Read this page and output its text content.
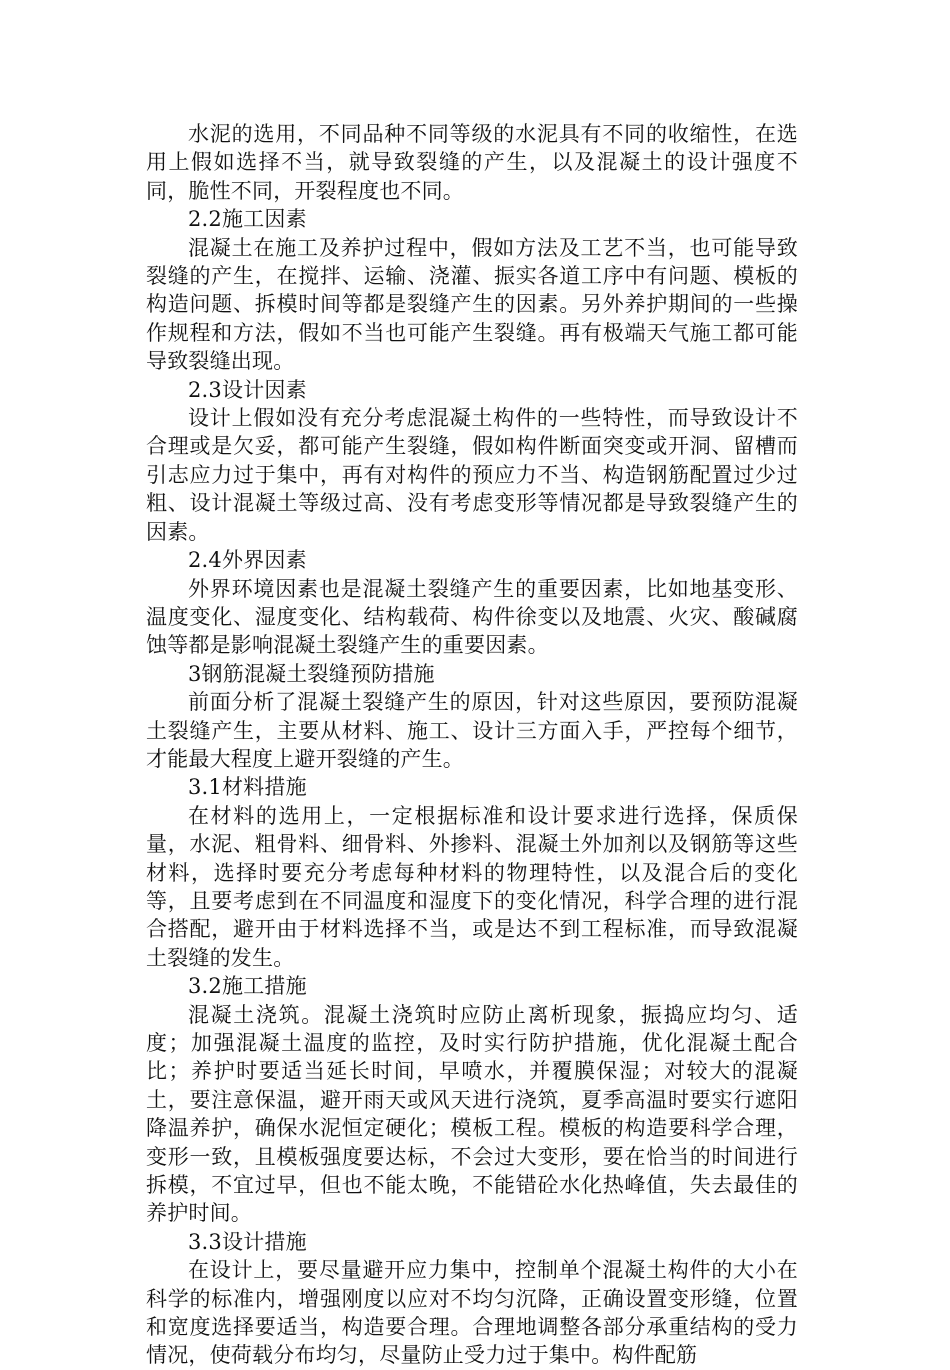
水泥的选用，不同品种不同等级的水泥具有不同的收缩性，在选用上假如选择不当，就导致裂缝的产生，以及混凝土的设计强度不同，脆性不同，开裂程度也不同。

2.2施工因素

混凝土在施工及养护过程中，假如方法及工艺不当，也可能导致裂缝的产生，在搅拌、运输、浇灌、振实各道工序中有问题、模板的构造问题、拆模时间等都是裂缝产生的因素。另外养护期间的一些操作规程和方法，假如不当也可能产生裂缝。再有极端天气施工都可能导致裂缝出现。

2.3设计因素

设计上假如没有充分考虑混凝土构件的一些特性，而导致设计不合理或是欠妥，都可能产生裂缝，假如构件断面突变或开洞、留槽而引志应力过于集中，再有对构件的预应力不当、构造钢筋配置过少过粗、设计混凝土等级过高、没有考虑变形等情况都是导致裂缝产生的因素。

2.4外界因素

外界环境因素也是混凝土裂缝产生的重要因素，比如地基变形、温度变化、湿度变化、结构载荷、构件徐变以及地震、火灾、酸碱腐蚀等都是影响混凝土裂缝产生的重要因素。

3钢筋混凝土裂缝预防措施

前面分析了混凝土裂缝产生的原因，针对这些原因，要预防混凝土裂缝产生，主要从材料、施工、设计三方面入手，严控每个细节，才能最大程度上避开裂缝的产生。

3.1材料措施

在材料的选用上，一定根据标准和设计要求进行选择，保质保量，水泥、粗骨料、细骨料、外掺料、混凝土外加剂以及钢筋等这些材料，选择时要充分考虑每种材料的物理特性，以及混合后的变化等，且要考虑到在不同温度和湿度下的变化情况，科学合理的进行混合搭配，避开由于材料选择不当，或是达不到工程标准，而导致混凝土裂缝的发生。

3.2施工措施

混凝土浇筑。混凝土浇筑时应防止离析现象，振捣应均匀、适度；加强混凝土温度的监控，及时实行防护措施，优化混凝土配合比；养护时要适当延长时间，早喷水，并覆膜保湿；对较大的混凝土，要注意保温，避开雨天或风天进行浇筑，夏季高温时要实行遮阳降温养护，确保水泥恒定硬化；模板工程。模板的构造要科学合理，变形一致，且模板强度要达标，不会过大变形，要在恰当的时间进行拆模，不宜过早，但也不能太晚，不能错砼水化热峰值，失去最佳的养护时间。

3.3设计措施

在设计上，要尽量避开应力集中，控制单个混凝土构件的大小在科学的标准内，增强刚度以应对不均匀沉降，正确设置变形缝，位置和宽度选择要适当，构造要合理。合理地调整各部分承重结构的受力情况，使荷载分布均匀，尽量防止受力过于集中。构件配筋
